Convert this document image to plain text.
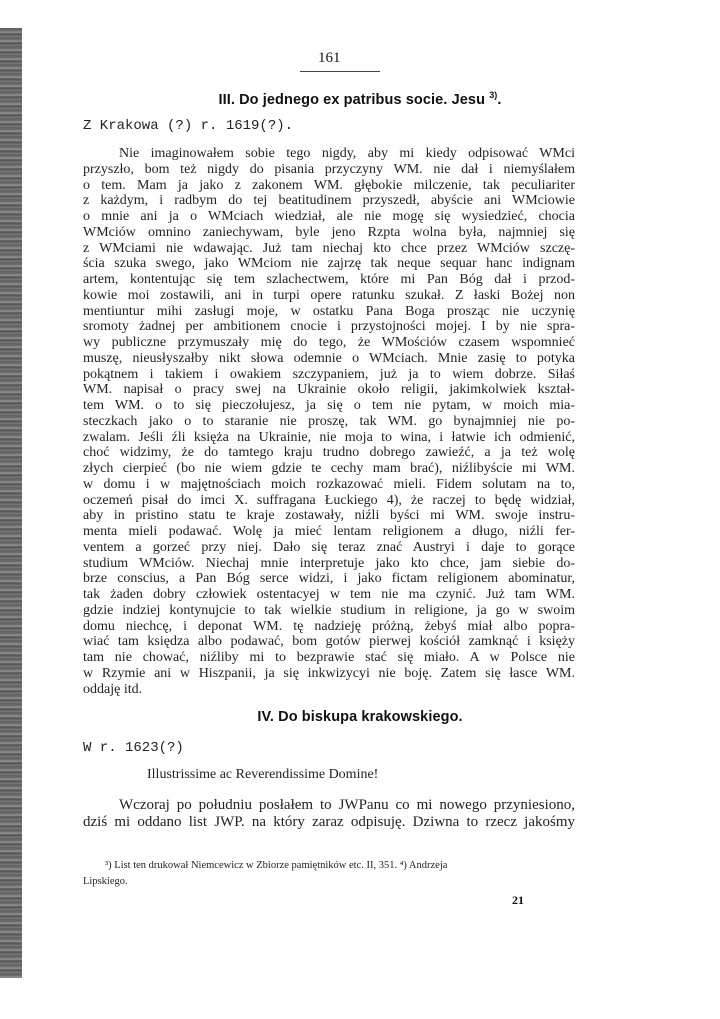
161
III. Do jednego ex patribus socie. Jesu $^{3)}$.
Z Krakowa (?) r. 1619(?).
Nie imaginowałem sobie tego nigdy, aby mi kiedy odpisować WMci
przyszło, bom też nigdy do pisania przyczyny WM. nie dał i niemyślałem
o tem. Mam ja jako z zakonem WM. głębokie milczenie, tak peculiariter
z każdym, i radbym do tej beatitudinem przyszedł, abyście ani WMciowie
o mnie ani ja o WMciach wiedział, ale nie mogę się wysiedzieć, chocia
WMciów omnino zaniechywam, byle jeno Rzpta wolna była, najmniej się
z WMciami nie wdawając. Już tam niechaj kto chce przez WMciów szczę-
ścia szuka swego, jako WMciom nie zajrzę tak neque sequar hanc indignam
artem, kontentując się tem szlachectwem, które mi Pan Bóg dał i przod-
kowie moi zostawili, ani in turpi opere ratunku szukał. Z łaski Bożej non
mentiuntur mihi zasługi moje, w ostatku Pana Boga prosząc nie uczynię
sromoty żadnej per ambitionem cnocie i przystojności mojej. I by nie spra-
wy publiczne przymuszały mię do tego, że WMościów czasem wspomnieć
muszę, nieusłyszałby nikt słowa odemnie o WMciach. Mnie zasię to potyka
pokątnem i takiem i owakiem szczypaniem, już ja to wiem dobrze. Siłaś
WM. napisał o pracy swej na Ukrainie około religii, jakimkolwiek kształ-
tem WM. o to się pieczołujesz, ja się o tem nie pytam, w moich mia-
steczkach jako o to staranie nie proszę, tak WM. go bynajmniej nie po-
zwalam. Jeśli źli księża na Ukrainie, nie moja to wina, i łatwie ich odmienić,
choć widzimy, że do tamtego kraju trudno dobrego zawieźć, a ja też wolę
złych cierpieć (bo nie wiem gdzie te cechy mam brać), niźlibyście mi WM.
w domu i w majętnościach moich rozkazować mieli. Fidem solutam na to,
oczemeń pisał do imci X. suffragana Łuckiego 4), że raczej to będę widział,
aby in pristino statu te kraje zostawały, niźli byści mi WM. swoje instru-
menta mieli podawać. Wolę ja mieć lentam religionem a długo, niźli fer-
ventem a gorzeć przy niej. Dało się teraz znać Austryi i daje to gorące
studium WMciów. Niechaj mnie interpretuje jako kto chce, jam siebie do-
brze conscius, a Pan Bóg serce widzi, i jako fictam religionem abominatur,
tak żaden dobry człowiek ostentacyej w tem nie ma czynić. Już tam WM.
gdzie indziej kontynujcie to tak wielkie studium in religione, ja go w swoim
domu niechcę, i deponat WM. tę nadzieję próżną, żebyś miał albo popra-
wiać tam księdza albo podawać, bom gotów pierwej kościół zamknąć i księży
tam nie chować, niźliby mi to bezprawie stać się miało. A w Polsce nie
w Rzymie ani w Hiszpanii, ja się inkwizycyi nie boję. Zatem się łasce WM.
oddaję itd.
IV. Do biskupa krakowskiego.
W r. 1623(?)
Illustrissime ac Reverendissime Domine!
Wczoraj po południu posłałem to JWPanu co mi nowego przyniesiono,
dziś mi oddano list JWP. na który zaraz odpisuję. Dziwna to rzecz jakośmy
³) List ten drukował Niemcewicz w Zbiorze pamiętników etc. II, 351. ⁴) Andrzeja
Lipskiego.
21
